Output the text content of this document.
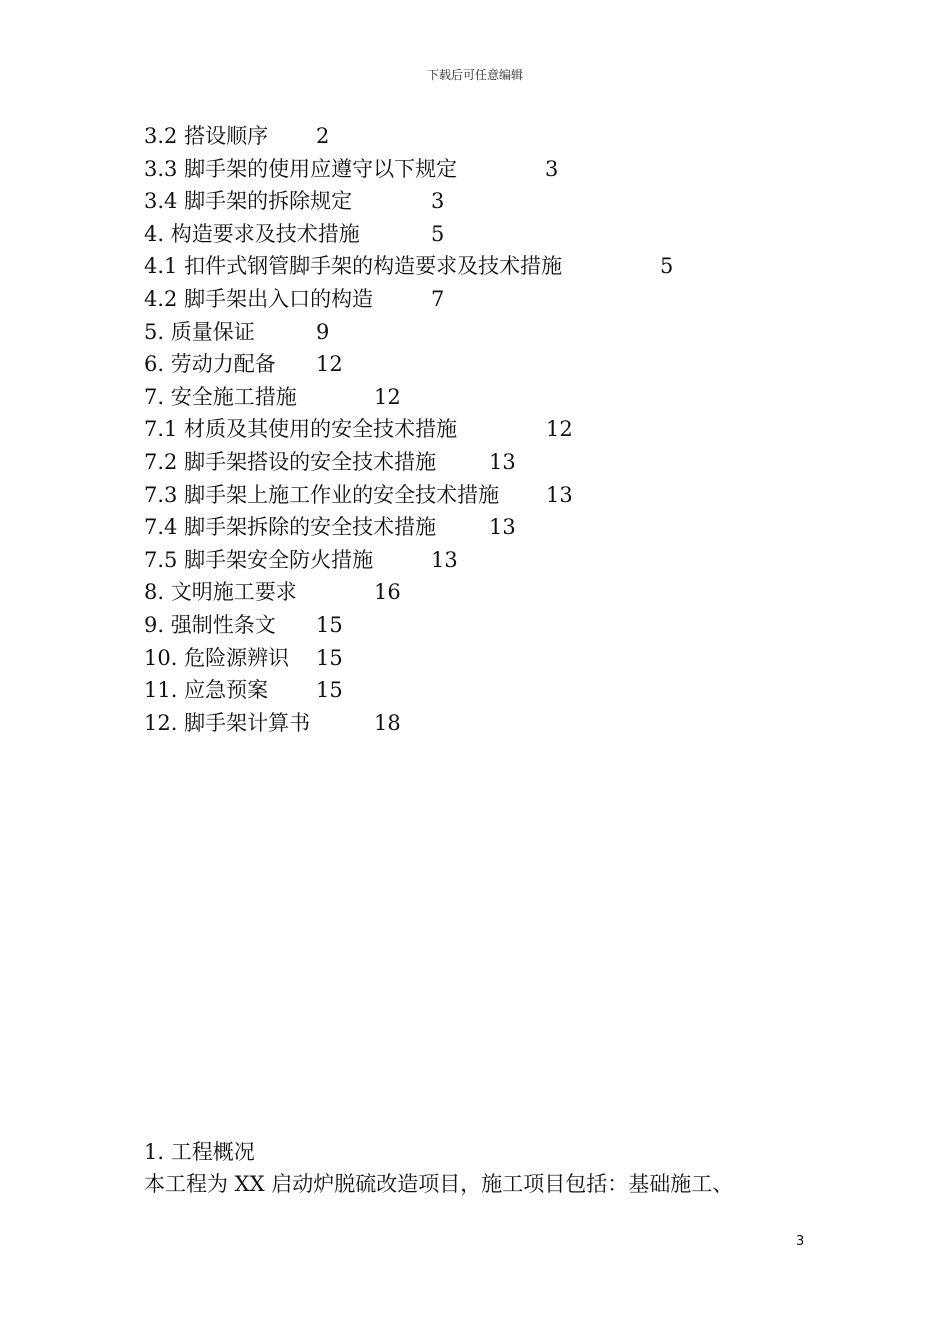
下载后可任意编辑
3.2 搭设顺序 2
3.3 脚手架的使用应遵守以下规定	3
3.4 脚手架的拆除规定	3
4. 构造要求及技术措施	5
4.1 扣件式钢管脚手架的构造要求及技术措施	5
4.2 脚手架出入口的构造	7
5. 质量保证	9
6. 劳动力配备 12
7. 安全施工措施	12
7.1 材质及其使用的安全技术措施	12
7.2 脚手架搭设的安全技术措施	13
7.3 脚手架上施工作业的安全技术措施 13
7.4 脚手架拆除的安全技术措施	13
7.5 脚手架安全防火措施	13
8. 文明施工要求	16
9. 强制性条文 15
10. 危险源辨识 15
11. 应急预案 15
12. 脚手架计算书	18
1. 工程概况
本工程为 XX 启动炉脱硫改造项目，施工项目包括：基础施工、
3
